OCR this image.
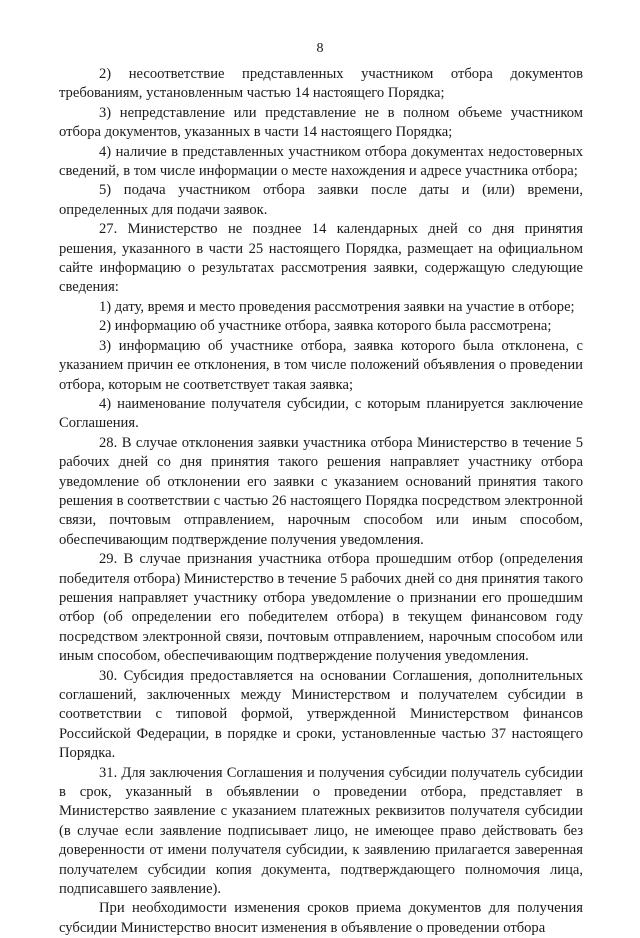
8

2) несоответствие представленных участником отбора документов требованиям, установленным частью 14 настоящего Порядка;

3) непредставление или представление не в полном объеме участником отбора документов, указанных в части 14 настоящего Порядка;

4) наличие в представленных участником отбора документах недостоверных сведений, в том числе информации о месте нахождения и адресе участника отбора;

5) подача участником отбора заявки после даты и (или) времени, определенных для подачи заявок.

27. Министерство не позднее 14 календарных дней со дня принятия решения, указанного в части 25 настоящего Порядка, размещает на официальном сайте информацию о результатах рассмотрения заявки, содержащую следующие сведения:

1) дату, время и место проведения рассмотрения заявки на участие в отборе;

2) информацию об участнике отбора, заявка которого была рассмотрена;

3) информацию об участнике отбора, заявка которого была отклонена, с указанием причин ее отклонения, в том числе положений объявления о проведении отбора, которым не соответствует такая заявка;

4) наименование получателя субсидии, с которым планируется заключение Соглашения.

28. В случае отклонения заявки участника отбора Министерство в течение 5 рабочих дней со дня принятия такого решения направляет участнику отбора уведомление об отклонении его заявки с указанием оснований принятия такого решения в соответствии с частью 26 настоящего Порядка посредством электронной связи, почтовым отправлением, нарочным способом или иным способом, обеспечивающим подтверждение получения уведомления.

29. В случае признания участника отбора прошедшим отбор (определения победителя отбора) Министерство в течение 5 рабочих дней со дня принятия такого решения направляет участнику отбора уведомление о признании его прошедшим отбор (об определении его победителем отбора) в текущем финансовом году посредством электронной связи, почтовым отправлением, нарочным способом или иным способом, обеспечивающим подтверждение получения уведомления.

30. Субсидия предоставляется на основании Соглашения, дополнительных соглашений, заключенных между Министерством и получателем субсидии в соответствии с типовой формой, утвержденной Министерством финансов Российской Федерации, в порядке и сроки, установленные частью 37 настоящего Порядка.

31. Для заключения Соглашения и получения субсидии получатель субсидии в срок, указанный в объявлении о проведении отбора, представляет в Министерство заявление с указанием платежных реквизитов получателя субсидии (в случае если заявление подписывает лицо, не имеющее право действовать без доверенности от имени получателя субсидии, к заявлению прилагается заверенная получателем субсидии копия документа, подтверждающего полномочия лица, подписавшего заявление).

При необходимости изменения сроков приема документов для получения субсидии Министерство вносит изменения в объявление о проведении отбора
